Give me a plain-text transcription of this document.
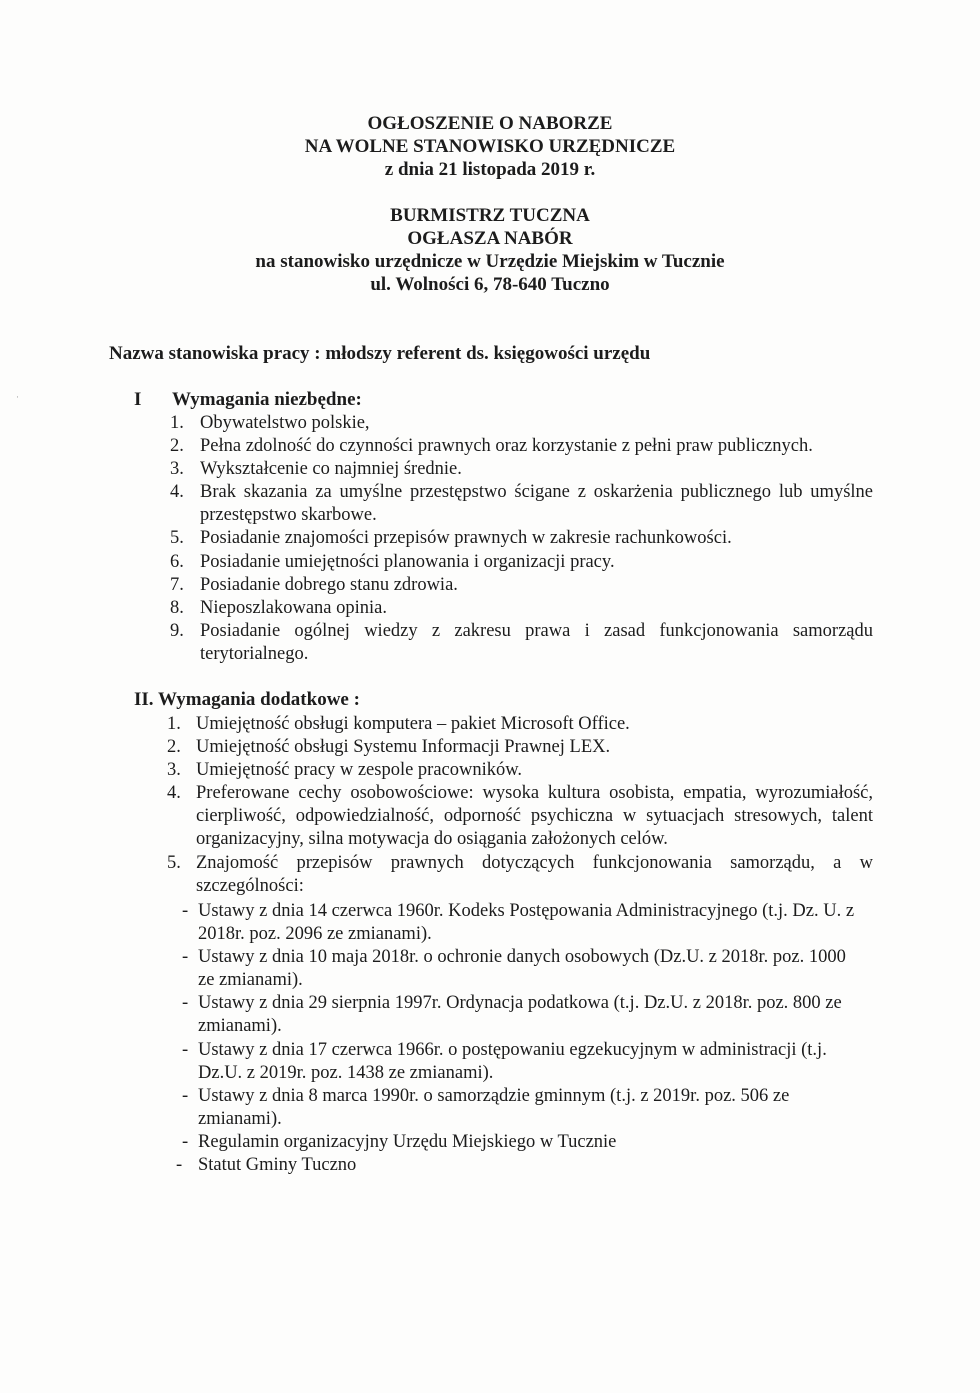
OGŁOSZENIE O NABORZE
NA WOLNE STANOWISKO URZĘDNICZE
z dnia 21 listopada 2019 r.
BURMISTRZ TUCZNA
OGŁASZA NABÓR
na stanowisko urzędnicze w Urzędzie Miejskim w Tucznie
ul. Wolności 6, 78-640 Tuczno
Nazwa stanowiska pracy : młodszy referent ds. księgowości urzędu
·	I Wymagania niezbędne:
1. Obywatelstwo polskie,
2. Pełna zdolność do czynności prawnych oraz korzystanie z pełni praw publicznych.
3. Wykształcenie co najmniej średnie.
4. Brak skazania za umyślne przestępstwo ścigane z oskarżenia publicznego lub umyślne przestępstwo skarbowe.
5. Posiadanie znajomości przepisów prawnych w zakresie rachunkowości.
6. Posiadanie umiejętności planowania i organizacji pracy.
7. Posiadanie dobrego stanu zdrowia.
8. Nieposzlakowana opinia.
9. Posiadanie ogólnej wiedzy z zakresu prawa i zasad funkcjonowania samorządu terytorialnego.
II. Wymagania dodatkowe :
1. Umiejętność obsługi komputera – pakiet Microsoft Office.
2. Umiejętność obsługi Systemu Informacji Prawnej LEX.
3. Umiejętność pracy w zespole pracowników.
4. Preferowane cechy osobowościowe: wysoka kultura osobista, empatia, wyrozumiałość, cierpliwość, odpowiedzialność, odporność psychiczna w sytuacjach stresowych, talent organizacyjny, silna motywacja do osiągania założonych celów.
5. Znajomość przepisów prawnych dotyczących funkcjonowania samorządu, a w szczególności:
- Ustawy z dnia 14 czerwca 1960r. Kodeks Postępowania Administracyjnego (t.j. Dz. U. z 2018r. poz. 2096 ze zmianami).
- Ustawy z dnia 10 maja 2018r. o ochronie danych osobowych (Dz.U. z 2018r. poz. 1000 ze zmianami).
- Ustawy z dnia 29 sierpnia 1997r. Ordynacja podatkowa (t.j. Dz.U. z 2018r. poz. 800 ze zmianami).
- Ustawy z dnia 17 czerwca 1966r. o postępowaniu egzekucyjnym w administracji (t.j. Dz.U. z 2019r. poz. 1438 ze zmianami).
- Ustawy z dnia 8 marca 1990r. o samorządzie gminnym (t.j. z 2019r. poz. 506 ze zmianami).
- Regulamin organizacyjny Urzędu Miejskiego w Tucznie
- Statut Gminy Tuczno
